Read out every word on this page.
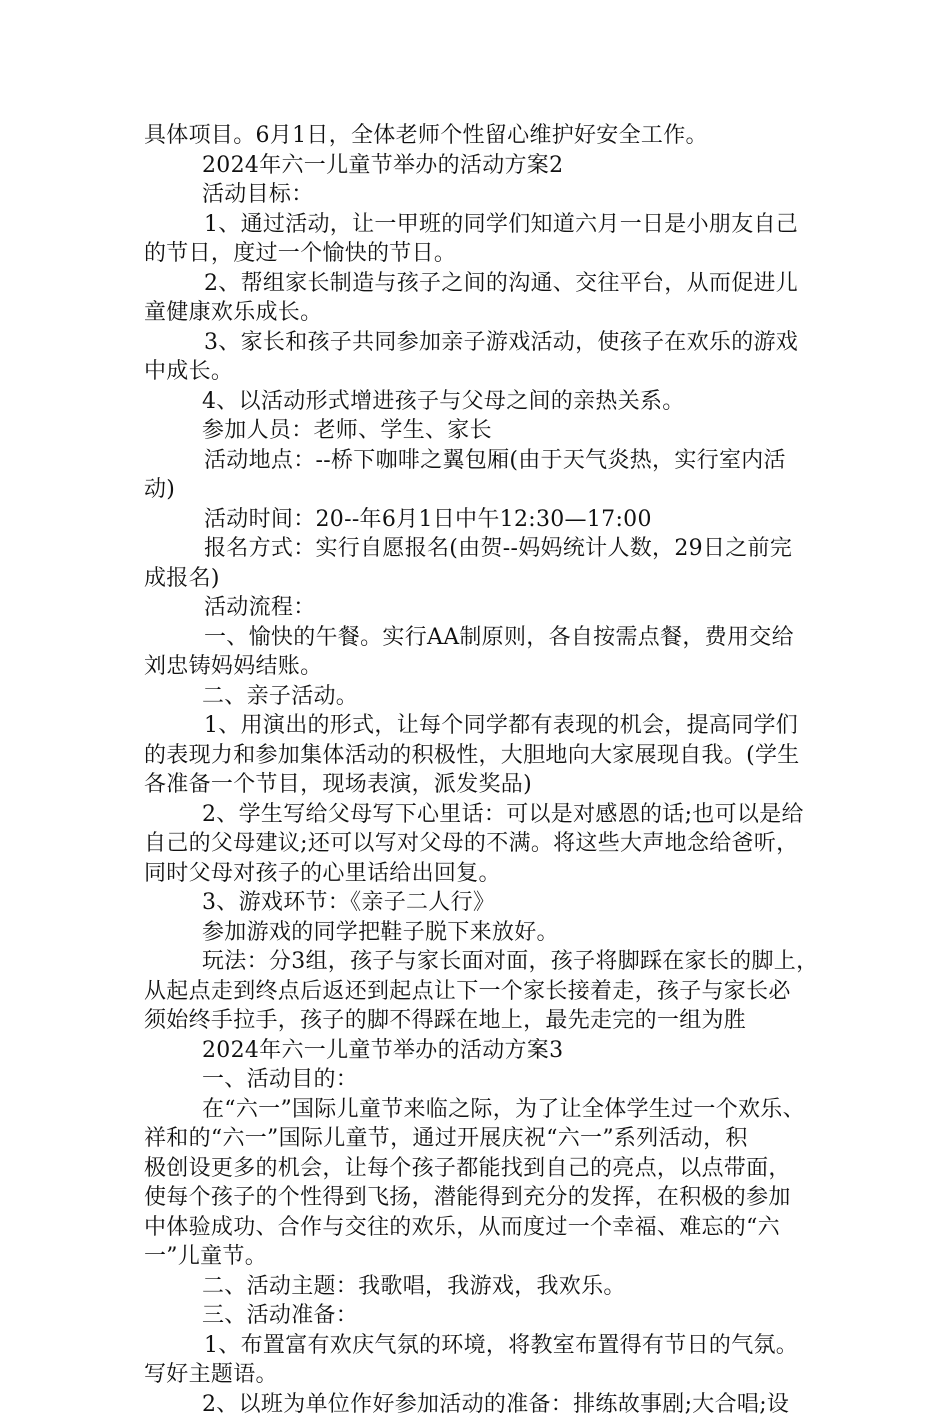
具体项目。6月1日，全体老师个性留心维护好安全工作。
2024年六一儿童节举办的活动方案2
活动目标：
1、通过活动，让一甲班的同学们知道六月一日是小朋友自己
的节日，度过一个愉快的节日。
2、帮组家长制造与孩子之间的沟通、交往平台，从而促进儿
童健康欢乐成长。
3、家长和孩子共同参加亲子游戏活动，使孩子在欢乐的游戏
中成长。
4、以活动形式增进孩子与父母之间的亲热关系。
参加人员：老师、学生、家长
活动地点：--桥下咖啡之翼包厢(由于天气炎热，实行室内活
动)
活动时间：20--年6月1日中午12:30—17:00
报名方式：实行自愿报名(由贺--妈妈统计人数，29日之前完
成报名)
活动流程：
一、愉快的午餐。实行AA制原则，各自按需点餐，费用交给
刘忠铸妈妈结账。
二、亲子活动。
1、用演出的形式，让每个同学都有表现的机会，提高同学们
的表现力和参加集体活动的积极性，大胆地向大家展现自我。(学生
各准备一个节目，现场表演，派发奖品)
2、学生写给父母写下心里话：可以是对感恩的话;也可以是给
自己的父母建议;还可以写对父母的不满。将这些大声地念给爸听，
同时父母对孩子的心里话给出回复。
3、游戏环节：《亲子二人行》
参加游戏的同学把鞋子脱下来放好。
玩法：分3组，孩子与家长面对面，孩子将脚踩在家长的脚上，
从起点走到终点后返还到起点让下一个家长接着走，孩子与家长必
须始终手拉手，孩子的脚不得踩在地上，最先走完的一组为胜
2024年六一儿童节举办的活动方案3
一、活动目的：
在“六一”国际儿童节来临之际，为了让全体学生过一个欢乐、
祥和的“六一”国际儿童节，通过开展庆祝“六一”系列活动，积
极创设更多的机会，让每个孩子都能找到自己的亮点，以点带面，
使每个孩子的个性得到飞扬，潜能得到充分的发挥，在积极的参加
中体验成功、合作与交往的欢乐，从而度过一个幸福、难忘的“六
一”儿童节。
二、活动主题：我歌唱，我游戏，我欢乐。
三、活动准备：
1、布置富有欢庆气氛的环境，将教室布置得有节日的气氛。
写好主题语。
2、以班为单位作好参加活动的准备：排练故事剧;大合唱;设
